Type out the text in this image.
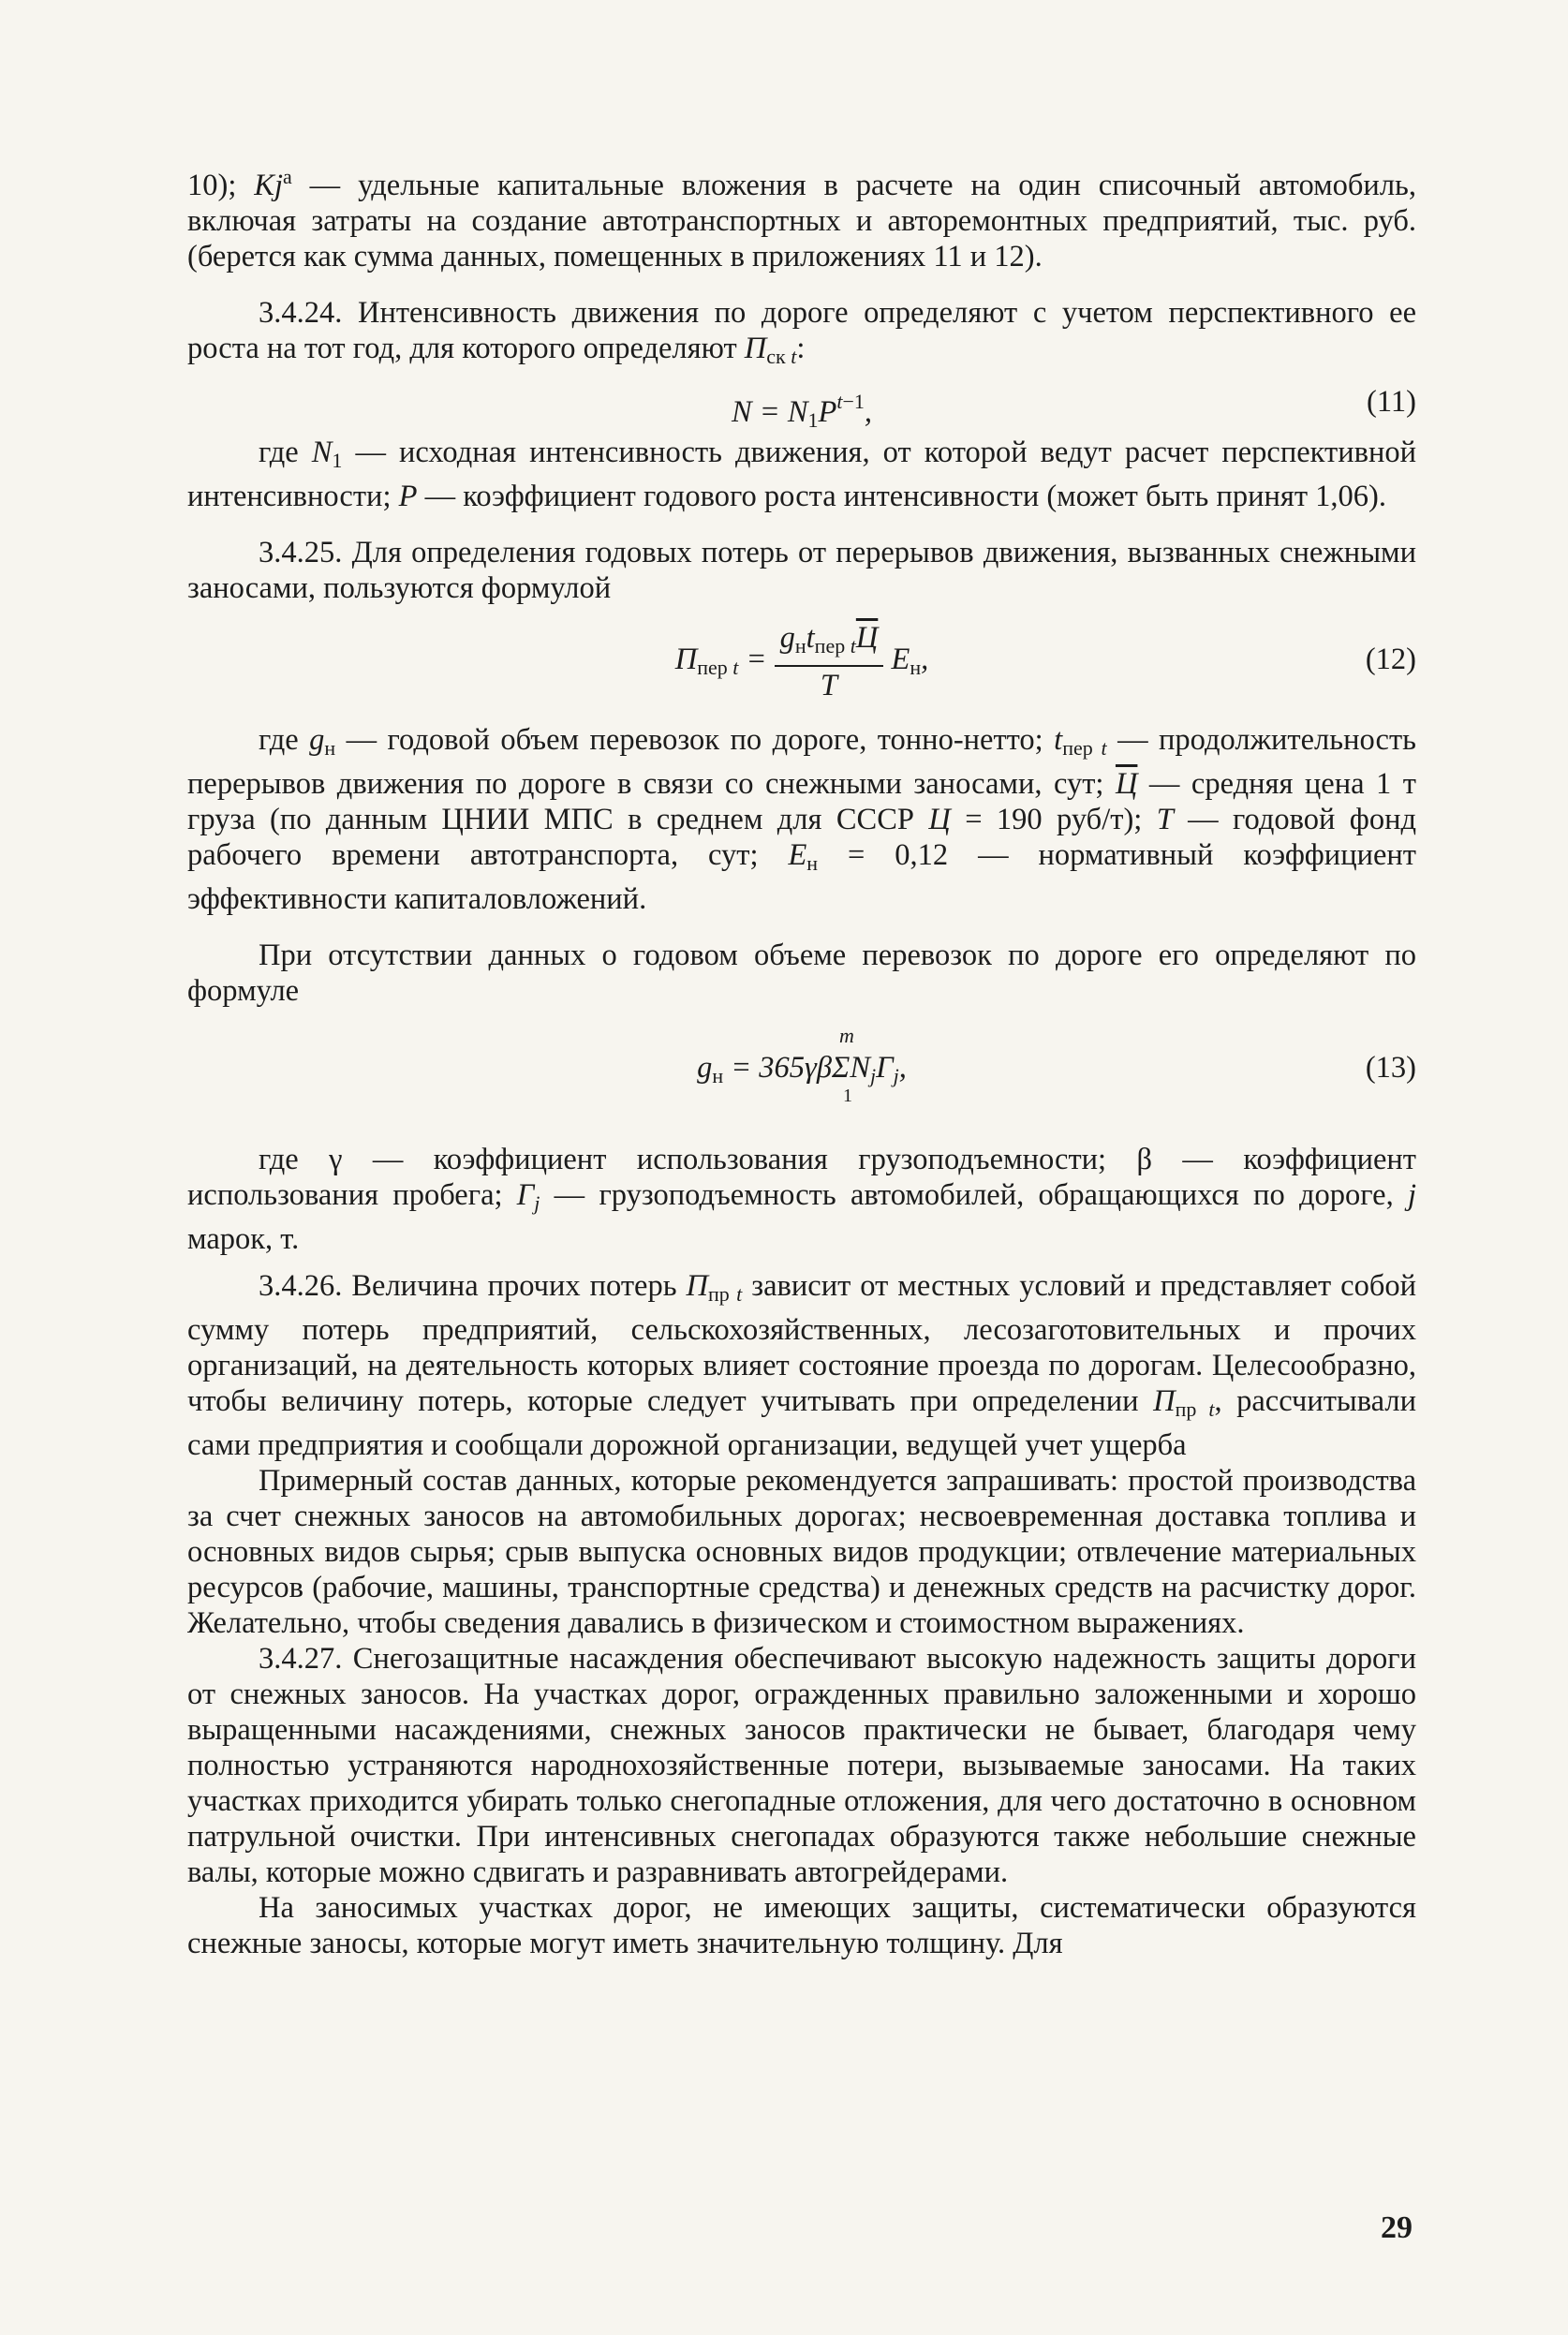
10); Kj$^a$ — удельные капитальные вложения в расчете на один списочный автомобиль, включая затраты на создание автотранспортных и авторемонтных предприятий, тыс. руб. (берется как сумма данных, помещенных в приложениях 11 и 12).

3.4.24. Интенсивность движения по дороге определяют с учетом перспективного ее роста на тот год, для которого определяют $П_{ск t}$:

$N = N_1P^{t-1}$,	(11)

где $N_1$ — исходная интенсивность движения, от которой ведут расчет перспективной интенсивности; P — коэффициент годового роста интенсивности (может быть принят 1,06).

3.4.25. Для определения годовых потерь от перерывов движения, вызванных снежными заносами, пользуются формулой

$П_{пер t} = \frac{g_нt_{пер t}Ц}{T} E_н$,	(12)

где $g_н$ — годовой объем перевозок по дороге, тонно-нетто; $t_{пер t}$ — продолжительность перерывов движения по дороге в связи со снежными заносами, сут; Ц — средняя цена 1 т груза (по данным ЦНИИ МПС в среднем для СССР Ц = 190 руб/т); T — годовой фонд рабочего времени автотранспорта, сут; $E_н = 0,12$ — нормативный коэффициент эффективности капиталовложений.

При отсутствии данных о годовом объеме перевозок по дороге его определяют по формуле

$g_н = 365\gamma\beta\Sigma$
m
1
$N_jГ_j$,	(13)

где γ — коэффициент использования грузоподъемности; β — коэффициент использования пробега; $Г_j$ — грузоподъемность автомобилей, обращающихся по дороге, j марок, т.

3.4.26. Величина прочих потерь $П_{пр t}$ зависит от местных условий и представляет собой сумму потерь предприятий, сельскохозяйственных, лесозаготовительных и прочих организаций, на деятельность которых влияет состояние проезда по дорогам. Целесообразно, чтобы величину потерь, которые следует учитывать при определении $П_{пр t}$, рассчитывали сами предприятия и сообщали дорожной организации, ведущей учет ущерба

Примерный состав данных, которые рекомендуется запрашивать: простой производства за счет снежных заносов на автомобильных дорогах; несвоевременная доставка топлива и основных видов сырья; срыв выпуска основных видов продукции; отвлечение материальных ресурсов (рабочие, машины, транспортные средства) и денежных средств на расчистку дорог. Желательно, чтобы сведения давались в физическом и стоимостном выражениях.

3.4.27. Снегозащитные насаждения обеспечивают высокую надежность защиты дороги от снежных заносов. На участках дорог, огражденных правильно заложенными и хорошо выращенными насаждениями, снежных заносов практически не бывает, благодаря чему полностью устраняются народнохозяйственные потери, вызываемые заносами. На таких участках приходится убирать только снегопадные отложения, для чего достаточно в основном патрульной очистки. При интенсивных снегопадах образуются также небольшие снежные валы, которые можно сдвигать и разравнивать автогрейдерами.

На заносимых участках дорог, не имеющих защиты, систематически образуются снежные заносы, которые могут иметь значительную толщину. Для

29
